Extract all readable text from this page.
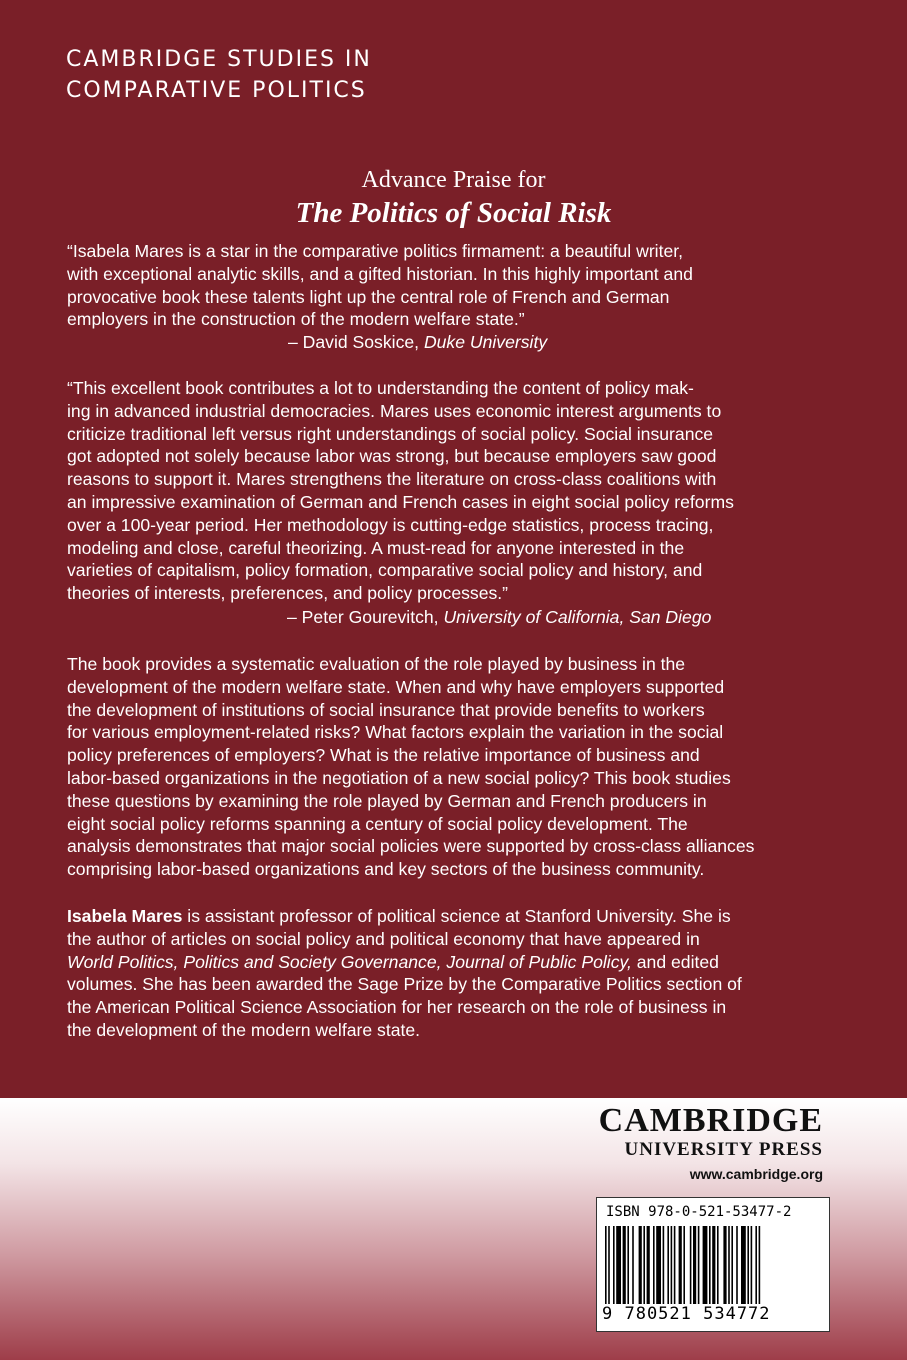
CAMBRIDGE STUDIES IN
COMPARATIVE POLITICS
Advance Praise for
The Politics of Social Risk
“Isabela Mares is a star in the comparative politics firmament: a beautiful writer,
with exceptional analytic skills, and a gifted historian. In this highly important and
provocative book these talents light up the central role of French and German
employers in the construction of the modern welfare state.”
– David Soskice, Duke University
“This excellent book contributes a lot to understanding the content of policy mak-
ing in advanced industrial democracies. Mares uses economic interest arguments to
criticize traditional left versus right understandings of social policy. Social insurance
got adopted not solely because labor was strong, but because employers saw good
reasons to support it. Mares strengthens the literature on cross-class coalitions with
an impressive examination of German and French cases in eight social policy reforms
over a 100-year period. Her methodology is cutting-edge statistics, process tracing,
modeling and close, careful theorizing. A must-read for anyone interested in the
varieties of capitalism, policy formation, comparative social policy and history, and
theories of interests, preferences, and policy processes.”
– Peter Gourevitch, University of California, San Diego
The book provides a systematic evaluation of the role played by business in the
development of the modern welfare state. When and why have employers supported
the development of institutions of social insurance that provide benefits to workers
for various employment-related risks? What factors explain the variation in the social
policy preferences of employers? What is the relative importance of business and
labor-based organizations in the negotiation of a new social policy? This book studies
these questions by examining the role played by German and French producers in
eight social policy reforms spanning a century of social policy development. The
analysis demonstrates that major social policies were supported by cross-class alliances
comprising labor-based organizations and key sectors of the business community.
Isabela Mares is assistant professor of political science at Stanford University. She is
the author of articles on social policy and political economy that have appeared in
World Politics, Politics and Society Governance, Journal of Public Policy, and edited
volumes. She has been awarded the Sage Prize by the Comparative Politics section of
the American Political Science Association for her research on the role of business in
the development of the modern welfare state.
CAMBRIDGE
UNIVERSITY PRESS
www.cambridge.org
ISBN 978-0-521-53477-2
9 780521 534772
